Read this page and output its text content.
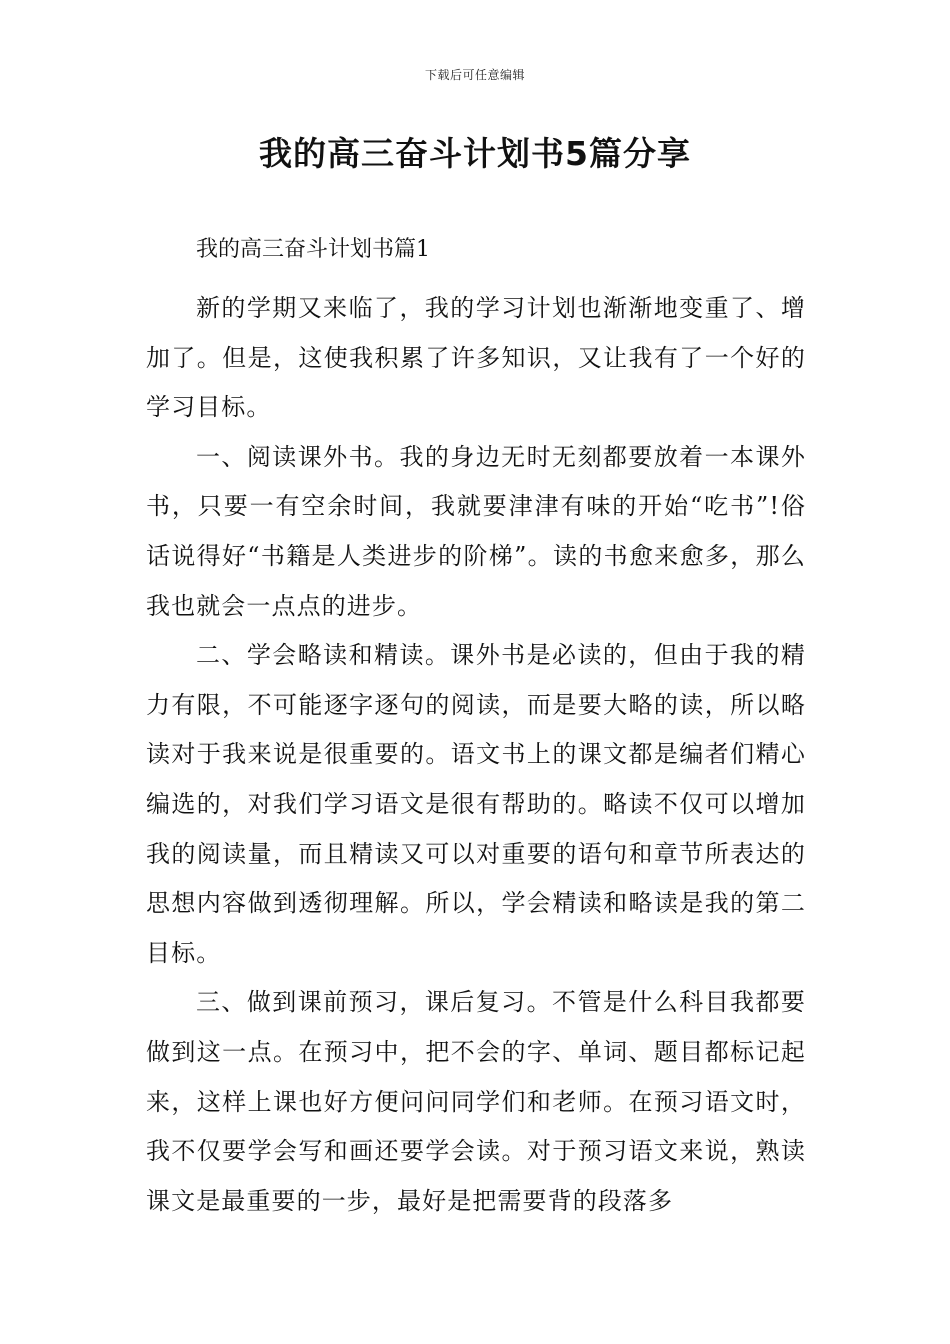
下载后可任意编辑
我的高三奋斗计划书5篇分享

我的高三奋斗计划书篇1

新的学期又来临了，我的学习计划也渐渐地变重了、增加了。但是，这使我积累了许多知识，又让我有了一个好的学习目标。

一、阅读课外书。我的身边无时无刻都要放着一本课外书，只要一有空余时间，我就要津津有味的开始“吃书”!俗话说得好“书籍是人类进步的阶梯”。读的书愈来愈多，那么我也就会一点点的进步。

二、学会略读和精读。课外书是必读的，但由于我的精力有限，不可能逐字逐句的阅读，而是要大略的读，所以略读对于我来说是很重要的。语文书上的课文都是编者们精心编选的，对我们学习语文是很有帮助的。略读不仅可以增加我的阅读量，而且精读又可以对重要的语句和章节所表达的思想内容做到透彻理解。所以，学会精读和略读是我的第二目标。

三、做到课前预习，课后复习。不管是什么科目我都要做到这一点。在预习中，把不会的字、单词、题目都标记起来，这样上课也好方便问问同学们和老师。在预习语文时，我不仅要学会写和画还要学会读。对于预习语文来说，熟读课文是最重要的一步，最好是把需要背的段落多
